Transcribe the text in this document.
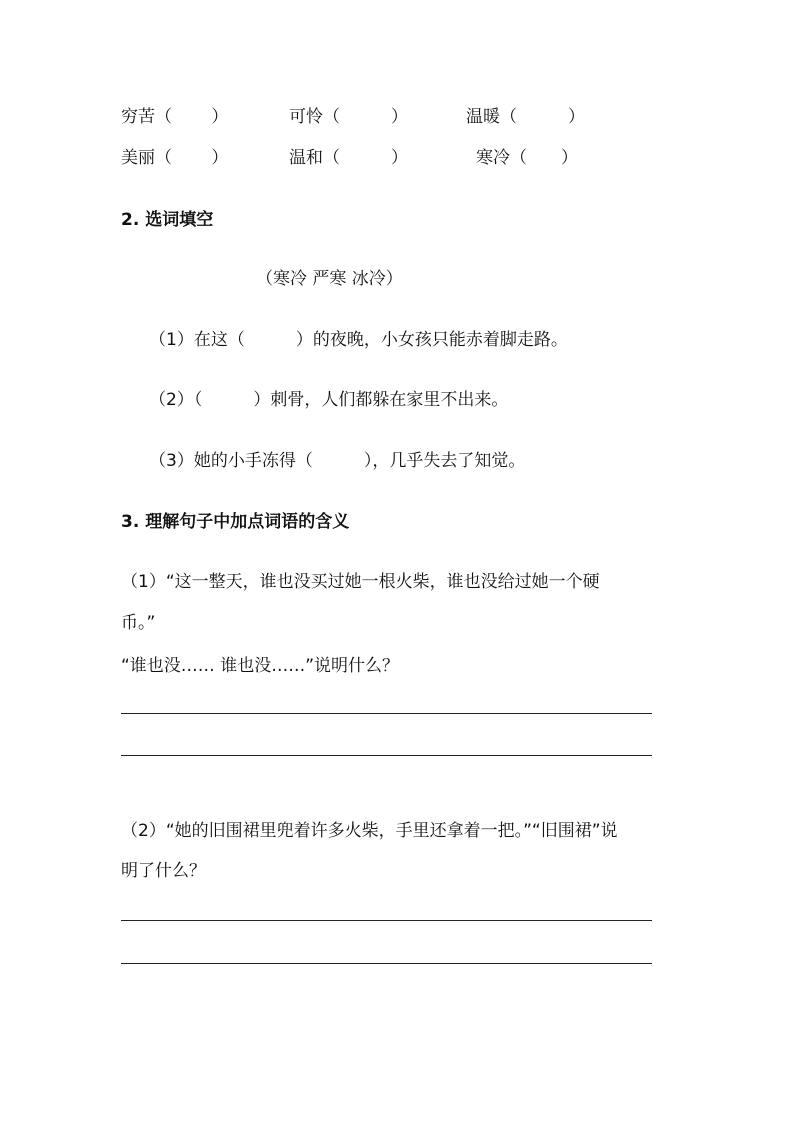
穷苦（ 　　）	可怜（　　　）	温暖（　　　）
美丽（ 　　）	温和（　　　）	寒冷（　　）
2. 选词填空
（寒冷 严寒 冰冷）
（1）在这（　　　）的夜晚，小女孩只能赤着脚走路。
（2）（　　　）刺骨，人们都躲在家里不出来。
（3）她的小手冻得（　　　），几乎失去了知觉。
3. 理解句子中加点词语的含义
（1）“这一整天，谁也没买过她一根火柴，谁也没给过她一个硬
币。”
“谁也没…… 谁也没……”说明什么？
（2）“她的旧围裙里兜着许多火柴，手里还拿着一把。”“旧围裙”说
明了什么？
